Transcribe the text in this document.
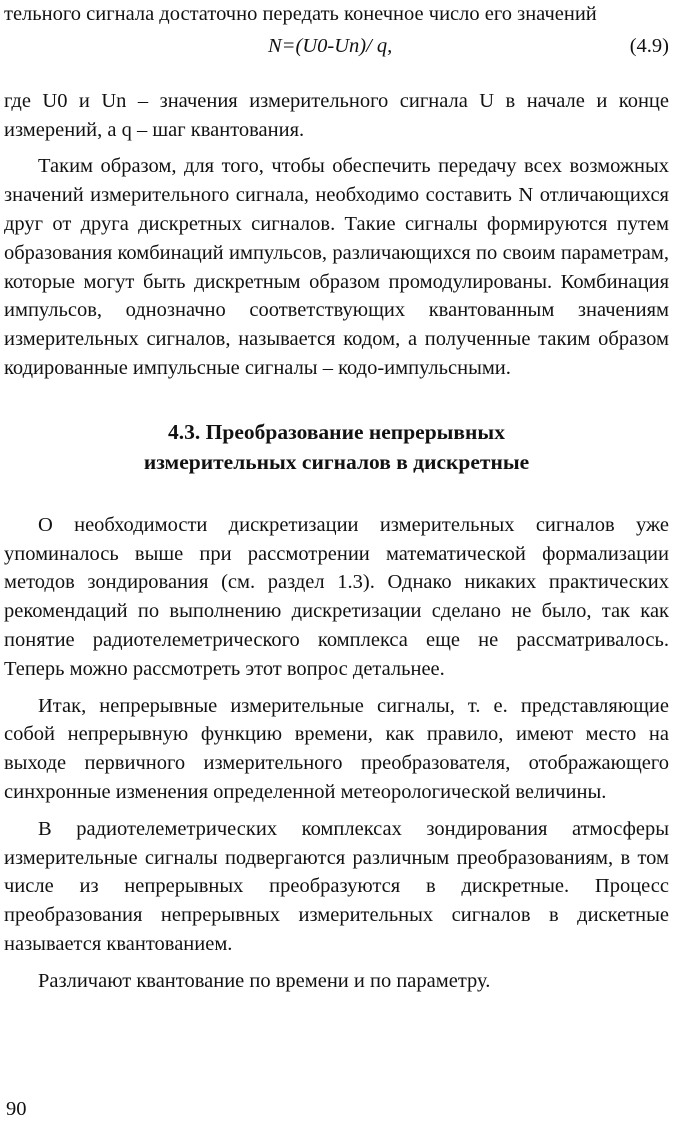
тельного сигнала достаточно передать конечное число его значений

N=(U0-Un)/ q,	(4.9)

где U0 и Un – значения измерительного сигнала U в начале и конце измерений, а q – шаг квантования.

Таким образом, для того, чтобы обеспечить передачу всех возможных значений измерительного сигнала, необходимо составить N отличающихся друг от друга дискретных сигналов. Такие сигналы формируются путем образования комбинаций импульсов, различающихся по своим параметрам, которые могут быть дискретным образом промодулированы. Комбинация импульсов, однозначно соответствующих квантованным значениям измерительных сигналов, называется кодом, а полученные таким образом кодированные импульсные сигналы – кодо-импульсными.

4.3. Преобразование непрерывных
измерительных сигналов в дискретные

О необходимости дискретизации измерительных сигналов уже упоминалось выше при рассмотрении математической формализации методов зондирования (см. раздел 1.3). Однако никаких практических рекомендаций по выполнению дискретизации сделано не было, так как понятие радиотелеметрического комплекса еще не рассматривалось. Теперь можно рассмотреть этот вопрос детальнее.

Итак, непрерывные измерительные сигналы, т. е. представляющие собой непрерывную функцию времени, как правило, имеют место на выходе первичного измерительного преобразователя, отображающего синхронные изменения определенной метеорологической величины.

В радиотелеметрических комплексах зондирования атмосферы измерительные сигналы подвергаются различным преобразованиям, в том числе из непрерывных преобразуются в дискретные. Процесс преобразования непрерывных измерительных сигналов в дискетные называется квантованием.

Различают квантование по времени и по параметру.

90
